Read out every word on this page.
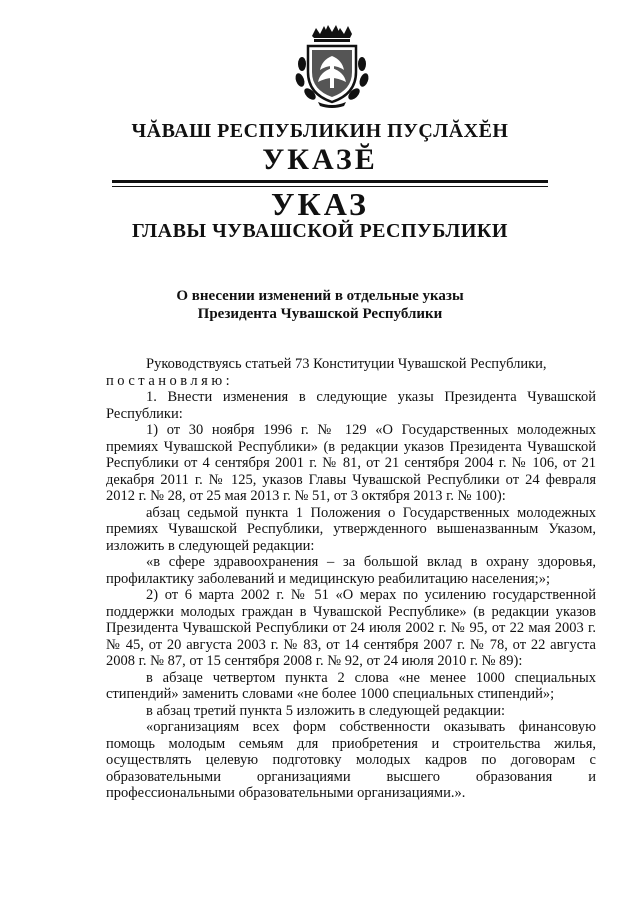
ЧĂВАШ РЕСПУБЛИКИН ПУÇЛĂХĔН
УКАЗĔ
УКАЗ
ГЛАВЫ ЧУВАШСКОЙ РЕСПУБЛИКИ
О внесении изменений в отдельные указы
Президента Чувашской Республики

Руководствуясь статьей 73 Конституции Чувашской Республики,

постановляю:

1. Внести изменения в следующие указы Президента Чувашской Республики:

1) от 30 ноября 1996 г. № 129 «О Государственных молодежных премиях Чувашской Республики» (в редакции указов Президента Чувашской Республики от 4 сентября 2001 г. № 81, от 21 сентября 2004 г. № 106, от 21 декабря 2011 г. № 125, указов Главы Чувашской Республики от 24 февраля 2012 г. № 28, от 25 мая 2013 г. № 51, от 3 октября 2013 г. № 100):

абзац седьмой пункта 1 Положения о Государственных молодежных премиях Чувашской Республики, утвержденного вышеназванным Указом, изложить в следующей редакции:

«в сфере здравоохранения – за большой вклад в охрану здоровья, профилактику заболеваний и медицинскую реабилитацию населения;»;

2) от 6 марта 2002 г. № 51 «О мерах по усилению государственной поддержки молодых граждан в Чувашской Республике» (в редакции указов Президента Чувашской Республики от 24 июля 2002 г. № 95, от 22 мая 2003 г. № 45, от 20 августа 2003 г. № 83, от 14 сентября 2007 г. № 78, от 22 августа 2008 г. № 87, от 15 сентября 2008 г. № 92, от 24 июля 2010 г. № 89):

в абзаце четвертом пункта 2 слова «не менее 1000 специальных стипендий» заменить словами «не более 1000 специальных стипендий»;

в абзац третий пункта 5 изложить в следующей редакции:

«организациям всех форм собственности оказывать финансовую помощь молодым семьям для приобретения и строительства жилья, осуществлять целевую подготовку молодых кадров по договорам с образовательными организациями высшего образования и профессиональными образовательными организациями.».
